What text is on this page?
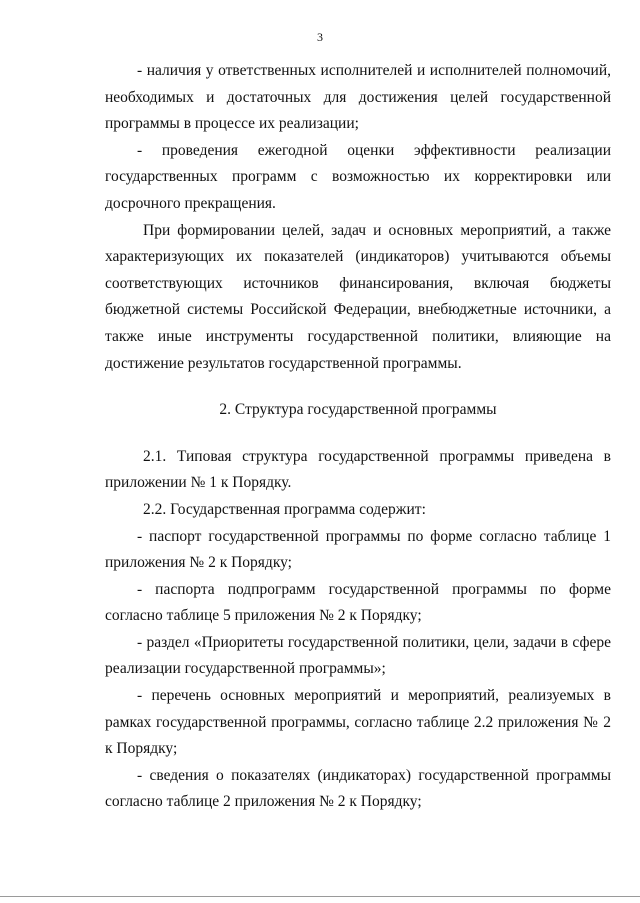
3

- наличия у ответственных исполнителей и исполнителей полномочий, необходимых и достаточных для достижения целей государственной программы в процессе их реализации;

- проведения ежегодной оценки эффективности реализации государственных программ с возможностью их корректировки или досрочного прекращения.

При формировании целей, задач и основных мероприятий, а также характеризующих их показателей (индикаторов) учитываются объемы соответствующих источников финансирования, включая бюджеты бюджетной системы Российской Федерации, внебюджетные источники, а также иные инструменты государственной политики, влияющие на достижение результатов государственной программы.

2. Структура государственной программы

2.1. Типовая структура государственной программы приведена в приложении № 1 к Порядку.

2.2. Государственная программа содержит:

- паспорт государственной программы по форме согласно таблице 1 приложения № 2 к Порядку;

- паспорта подпрограмм государственной программы по форме согласно таблице 5 приложения № 2 к Порядку;

- раздел «Приоритеты государственной политики, цели, задачи в сфере реализации государственной программы»;

- перечень основных мероприятий и мероприятий, реализуемых в рамках государственной программы, согласно таблице 2.2 приложения № 2 к Порядку;

- сведения о показателях (индикаторах) государственной программы согласно таблице 2 приложения № 2 к Порядку;
